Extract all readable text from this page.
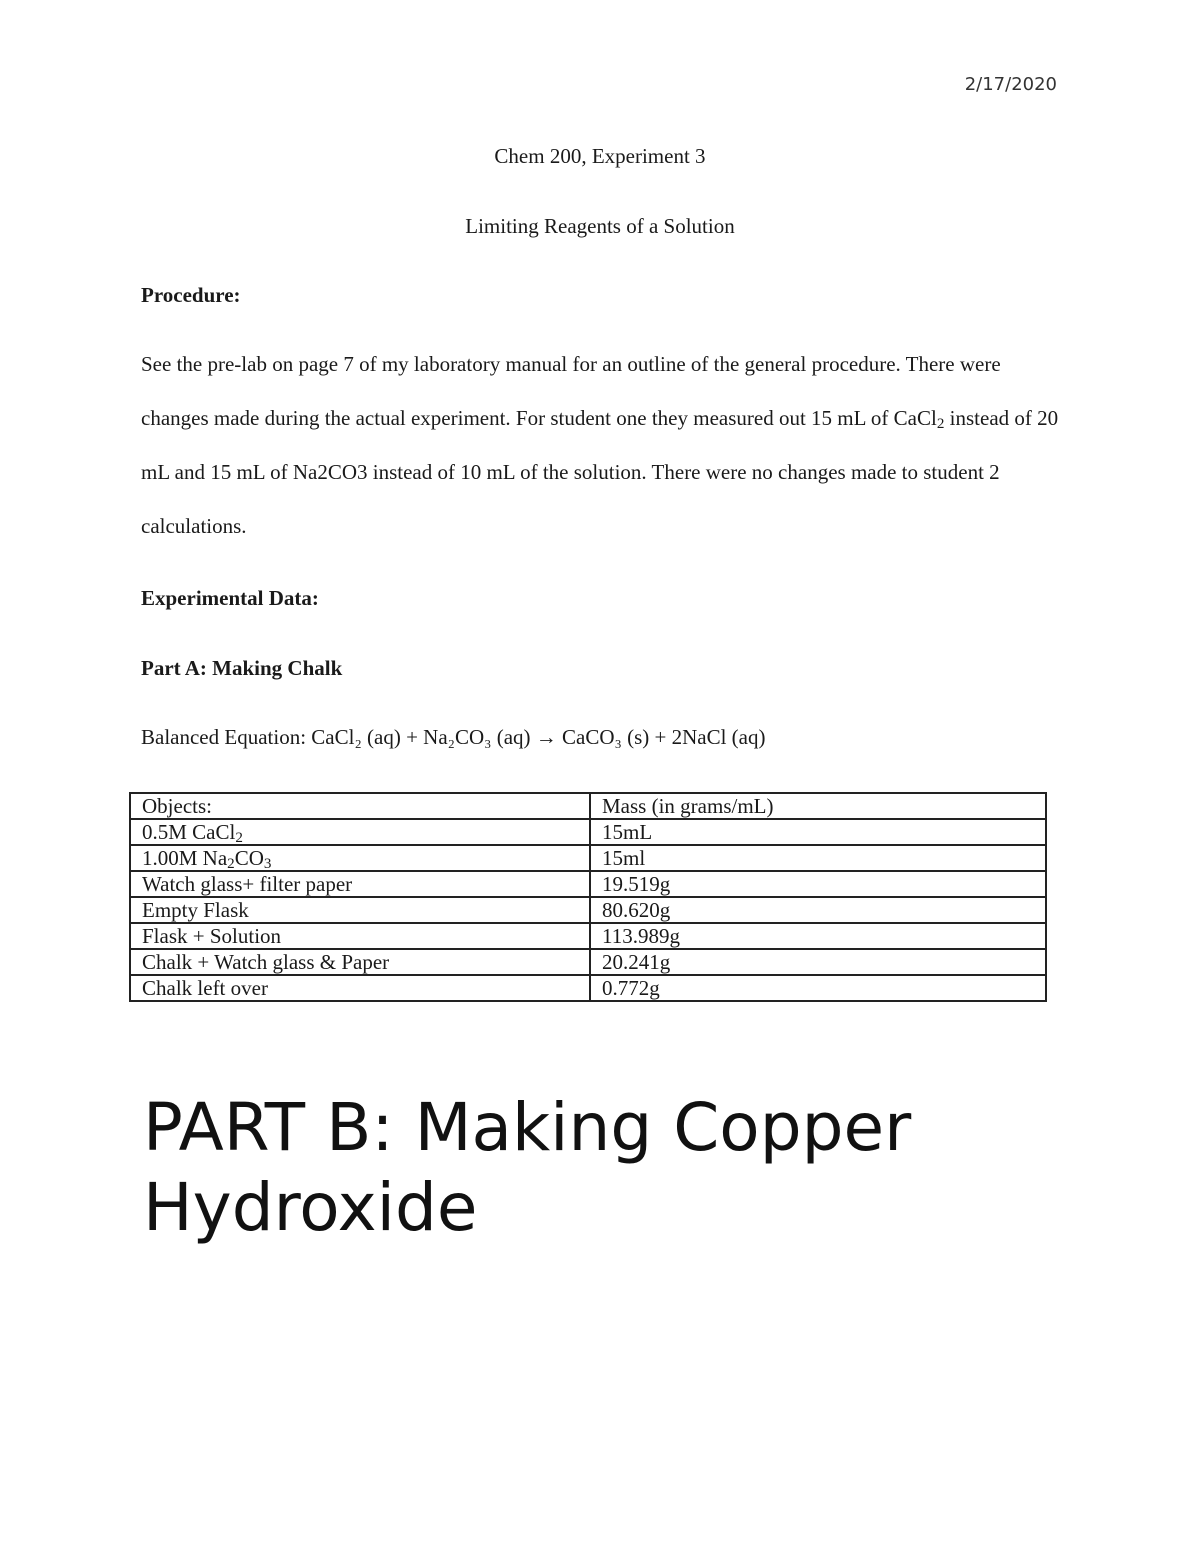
2/17/2020
Chem 200, Experiment 3
Limiting Reagents of a Solution
Procedure:
See the pre-lab on page 7 of my laboratory manual for an outline of the general procedure. There were changes made during the actual experiment. For student one they measured out 15 mL of CaCl$_2$ instead of 20 mL and 15 mL of Na2CO3 instead of 10 mL of the solution. There were no changes made to student 2 calculations.
Experimental Data:
Part A: Making Chalk
Balanced Equation: CaCl₂ (aq) + Na₂CO₃ (aq) → CaCO₃ (s) + 2NaCl (aq)
Objects:	Mass (in grams/mL)
0.5M CaCl$_2$	15mL
1.00M $Na_2CO_3$	15ml
Watch glass+ filter paper	19.519g
Empty Flask	80.620g
Flask + Solution	113.989g
Chalk + Watch glass & Paper	20.241g
Chalk left over	0.772g
PART B: Making Copper Hydroxide
